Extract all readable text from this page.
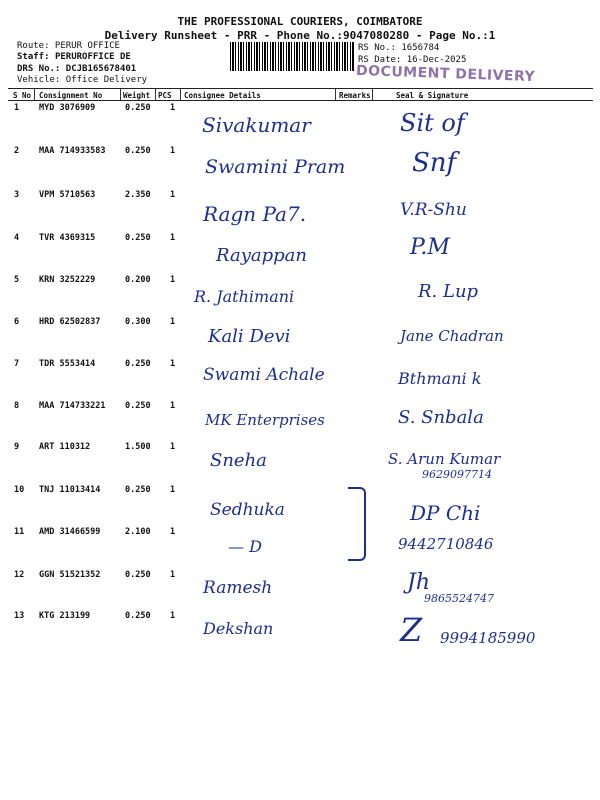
THE PROFESSIONAL COURIERS, COIMBATORE
Delivery Runsheet - PRR - Phone No.:9047080280 - Page No.:1
Route: PERUR OFFICE
Staff: PERUROFFICE DE
DRS No.: DCJB165678401
Vehicle: Office Delivery
RS No.: 1656784
RS Date: 16-Dec-2025
DOCUMENT DELIVERY
S No Consignment No	Weight PCS Consignee Details	Remarks	Seal & Signature
1 MYD 3076909	0.250 1
Sivakumar	Sit of
2 MAA 714933583 0.250 1
Swamini Pram	Snf
3 VPM 5710563	2.350 1
Ragn Pa7.	V.R-Shu
4 TVR 4369315	0.250 1
Rayappan	P.M
5 KRN 3252229	0.200 1
R. Jathimani	R. Lup
6 HRD 62502837	0.300 1
Kali Devi	Jane Chadran
7 TDR 5553414	0.250 1
Swami Achale	Bthmani k
8 MAA 714733221 0.250 1
MK Enterprises	S. Snbala
9 ART 110312	1.500 1
Sneha	S. Arun Kumar
9629097714
10 TNJ 11013414	0.250 1
Sedhuka	DP Chi
11 AMD 31466599	2.100 1
— D	9442710846
12 GGN 51521352	0.250 1
Ramesh	Jh
9865524747
13 KTG 213199	0.250 1
Dekshan	Z 9994185990
